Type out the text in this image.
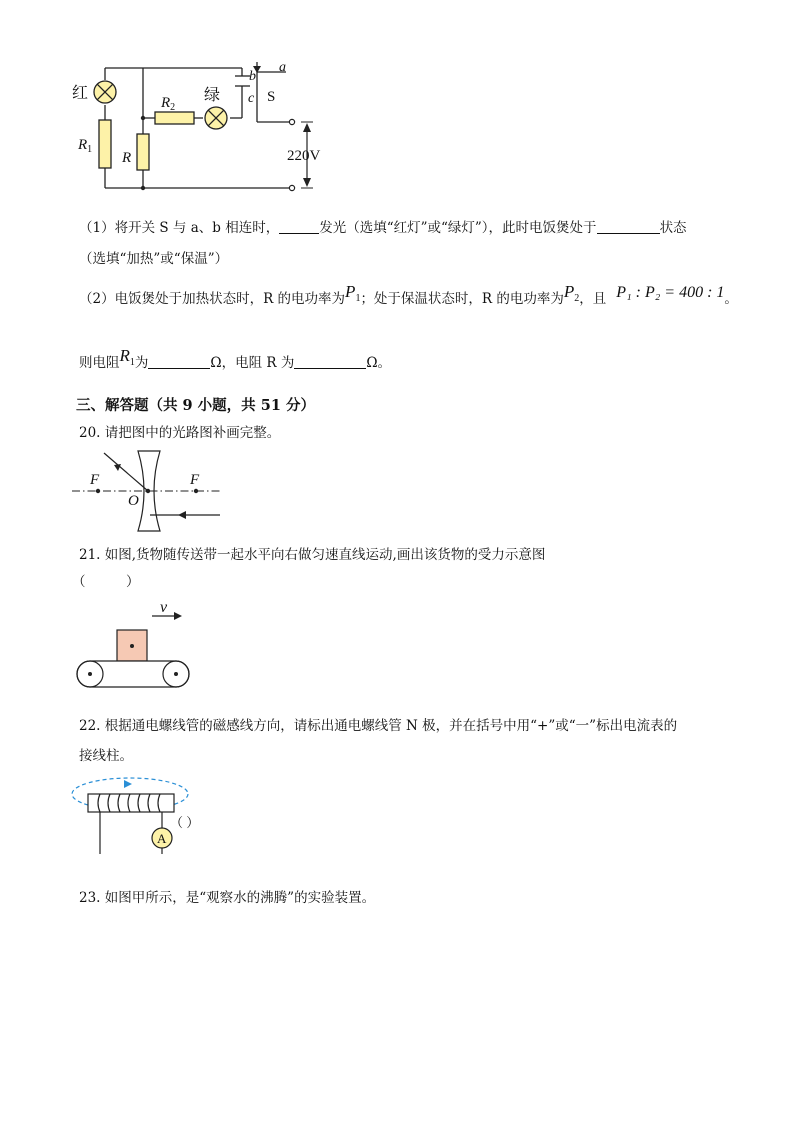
红	绿
$R_1$
$R_2$
R
S
a
b
c
220V
（1）将开关 S 与 a、b 相连时，	发光（选填“红灯”或“绿灯”），此时电饭煲处于	状态
（选填“加热”或“保温”）
（2）电饭煲处于加热状态时，R 的电功率为P1；处于保温状态时，R 的电功率为P2，且 P₁ : P₂ = 400 : 1。
则电阻R1为	Ω，电阻 R 为	Ω。
三、解答题（共 9 小题，共 51 分）
20. 请把图中的光路图补画完整。
F	F
O
21. 如图,货物随传送带一起水平向右做匀速直线运动,画出该货物的受力示意图
（　　　）
v
22. 根据通电螺线管的磁感线方向，请标出通电螺线管 N 极，并在括号中用“+”或“一”标出电流表的
接线柱。
A
（ ）
23. 如图甲所示，是“观察水的沸腾”的实验装置。
